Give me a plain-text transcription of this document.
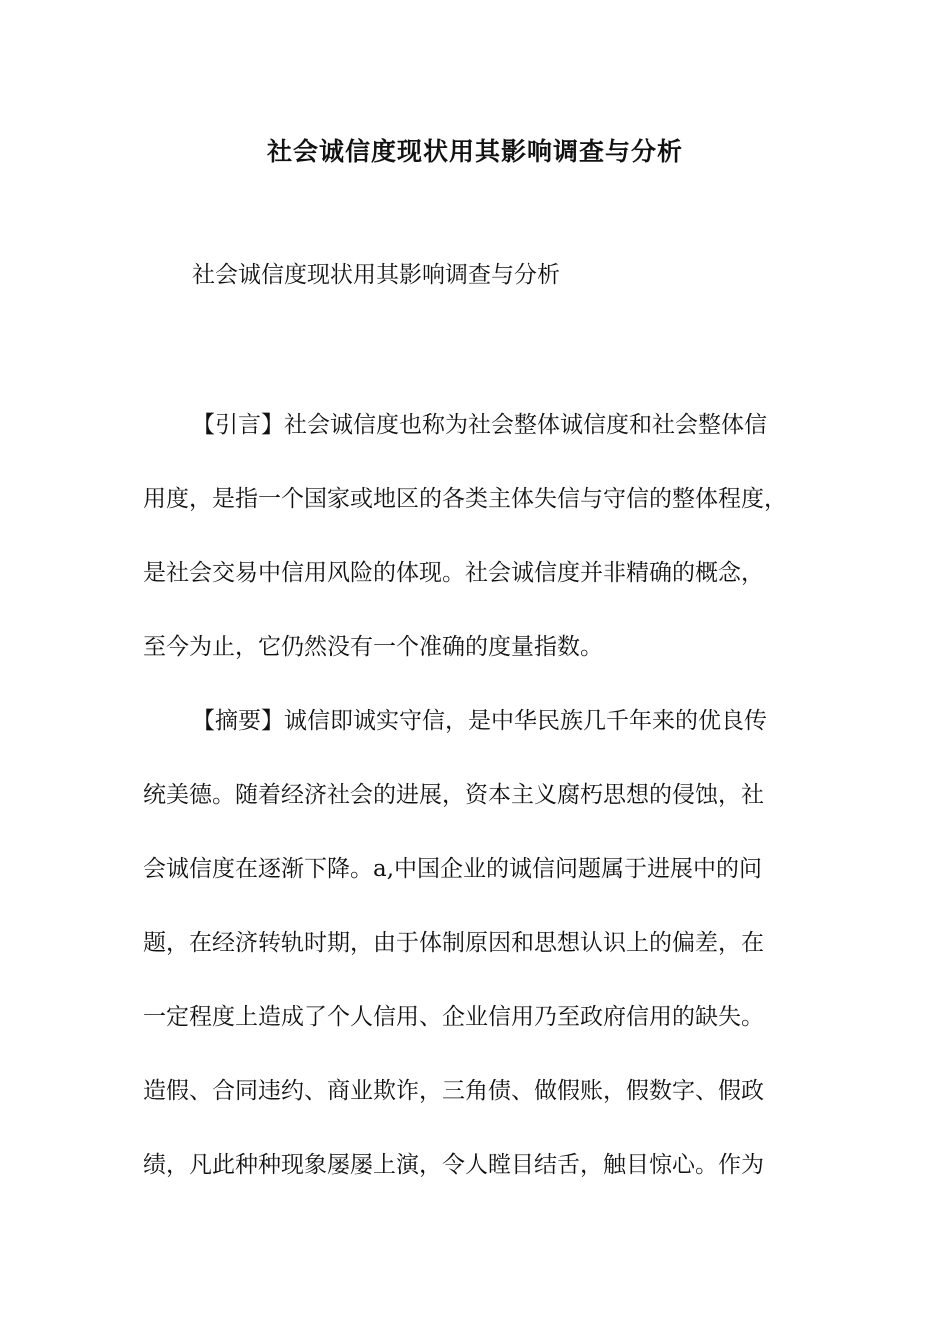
社会诚信度现状用其影响调查与分析
社会诚信度现状用其影响调查与分析
【引言】社会诚信度也称为社会整体诚信度和社会整体信
用度，是指一个国家或地区的各类主体失信与守信的整体程度，
是社会交易中信用风险的体现。社会诚信度并非精确的概念，
至今为止，它仍然没有一个准确的度量指数。
【摘要】诚信即诚实守信，是中华民族几千年来的优良传
统美德。随着经济社会的进展，资本主义腐朽思想的侵蚀，社
会诚信度在逐渐下降。a,中国企业的诚信问题属于进展中的问
题，在经济转轨时期，由于体制原因和思想认识上的偏差，在
一定程度上造成了个人信用、企业信用乃至政府信用的缺失。
造假、合同违约、商业欺诈，三角债、做假账，假数字、假政
绩，凡此种种现象屡屡上演，令人瞠目结舌，触目惊心。作为
